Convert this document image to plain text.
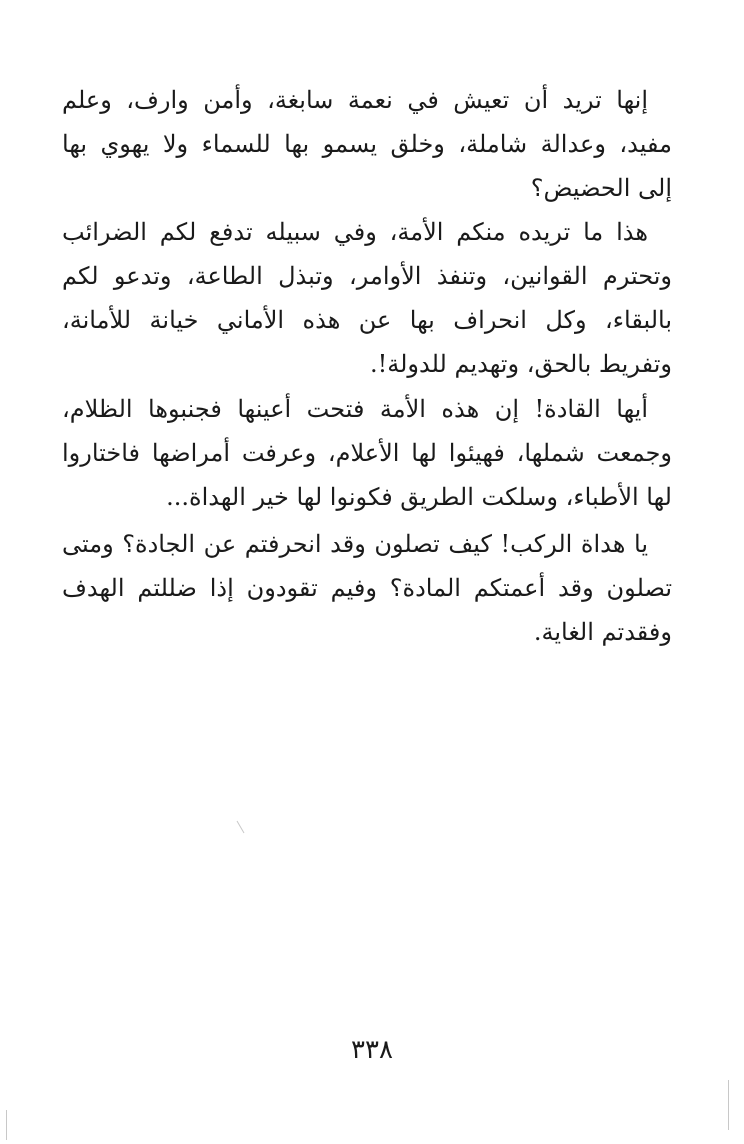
إنها تريد أن تعيش في نعمة سابغة، وأمن وارف، وعلم
مفيد، وعدالة شاملة، وخلق يسمو بها للسماء ولا يهوي بها
إلى الحضيض؟
هذا ما تريده منكم الأمة، وفي سبيله تدفع لكم الضرائب
وتحترم القوانين، وتنفذ الأوامر، وتبذل الطاعة، وتدعو لكم
بالبقاء، وكل انحراف بها عن هذه الأماني خيانة للأمانة،
وتفريط بالحق، وتهديم للدولة!.
أيها القادة! إن هذه الأمة فتحت أعينها فجنبوها الظلام،
وجمعت شملها، فهيئوا لها الأعلام، وعرفت أمراضها فاختاروا
لها الأطباء، وسلكت الطريق فكونوا لها خير الهداة...
يا هداة الركب! كيف تصلون وقد انحرفتم عن الجادة؟ ومتى
تصلون وقد أعمتكم المادة؟ وفيم تقودون إذا ضللتم الهدف
وفقدتم الغاية.
٣٣٨
